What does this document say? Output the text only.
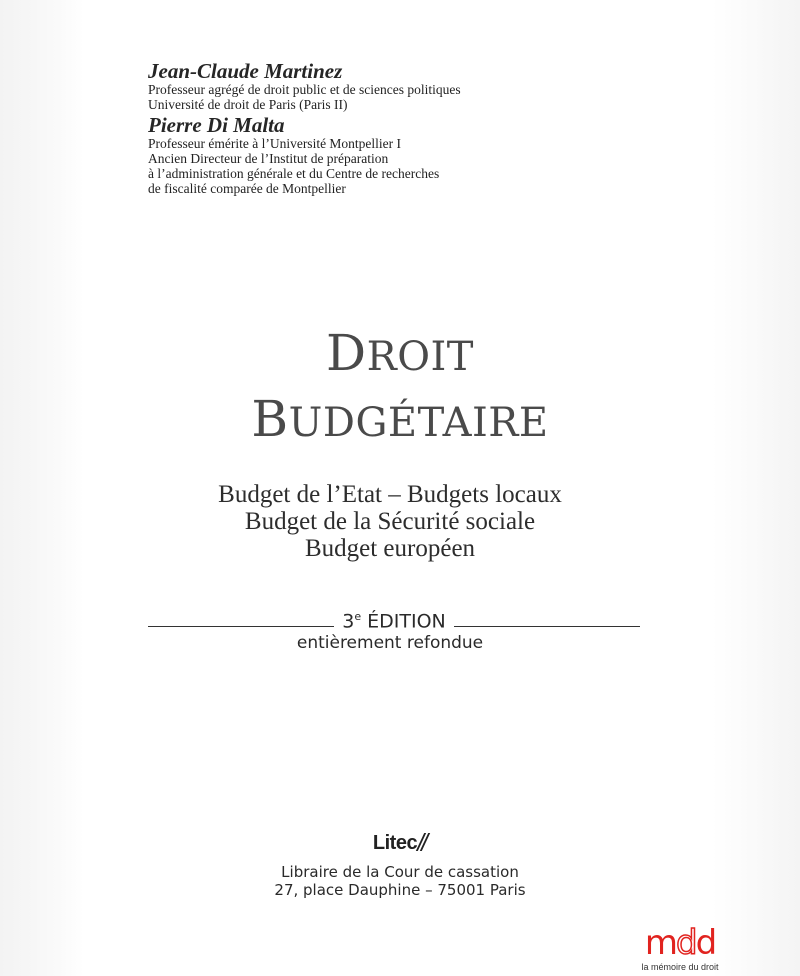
Jean-Claude Martinez
Professeur agrégé de droit public et de sciences politiques
Université de droit de Paris (Paris II)
Pierre Di Malta
Professeur émérite à l’Université Montpellier I
Ancien Directeur de l’Institut de préparation
à l’administration générale et du Centre de recherches
de fiscalité comparée de Montpellier
DROIT
BUDGÉTAIRE
Budget de l’Etat – Budgets locaux
Budget de la Sécurité sociale
Budget européen
3e ÉDITION
entièrement refondue
Litec
Libraire de la Cour de cassation
27, place Dauphine – 75001 Paris
mdd
la mémoire du droit
